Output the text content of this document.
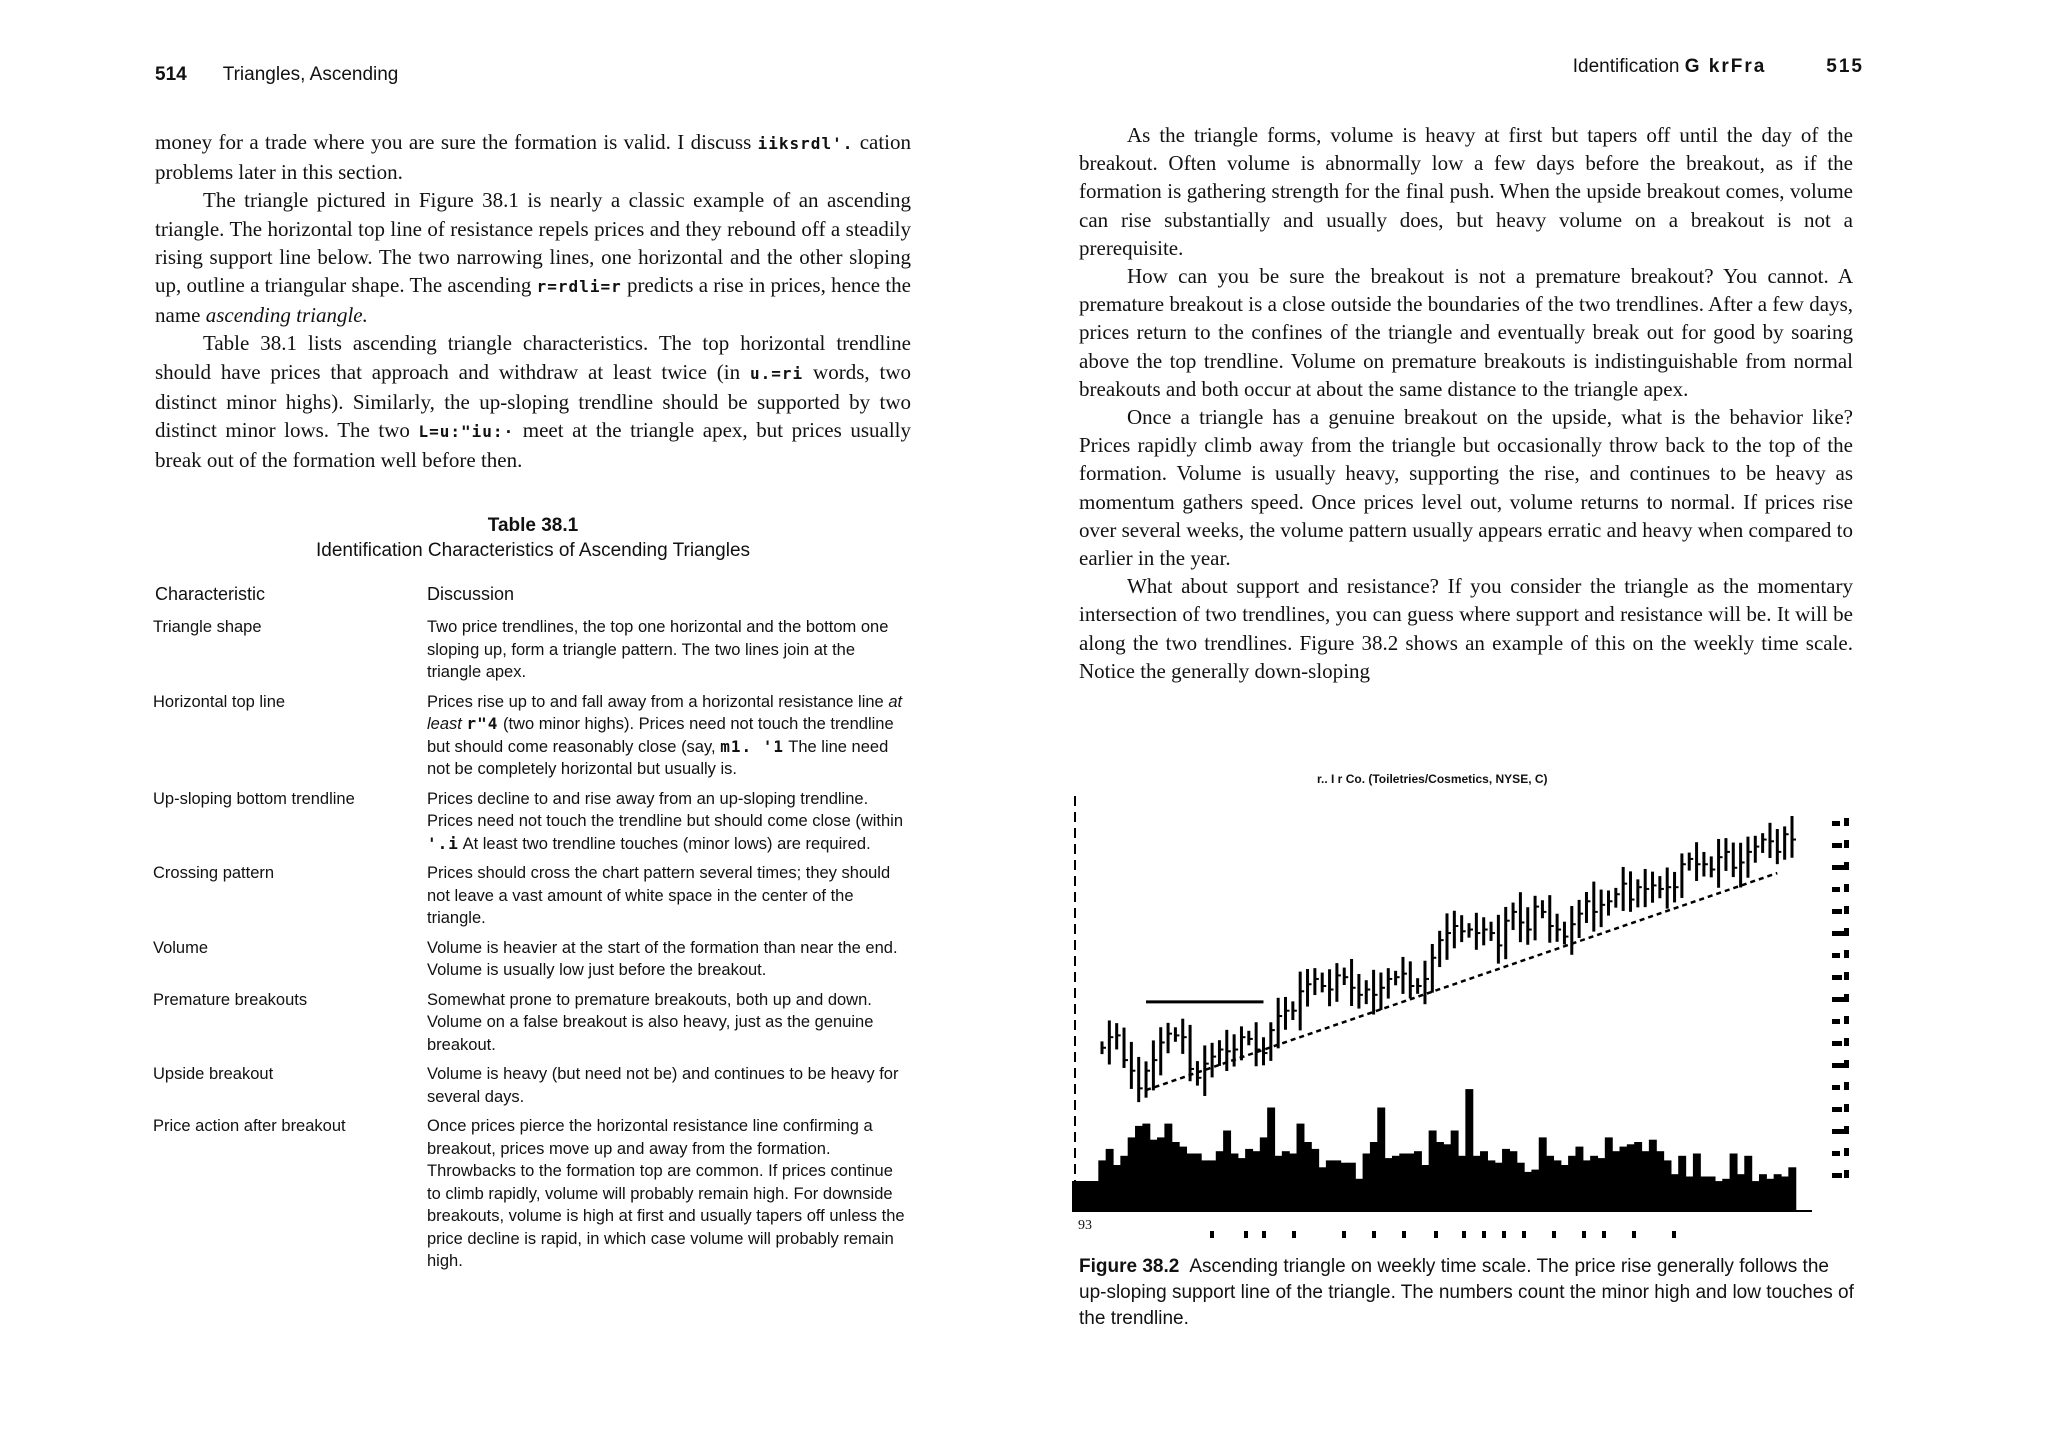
514 Triangles, Ascending

money for a trade where you are sure the formation is valid. I discuss iiksrdl'. cation problems later in this section.

The triangle pictured in Figure 38.1 is nearly a classic example of an ascending triangle. The horizontal top line of resistance repels prices and they rebound off a steadily rising support line below. The two narrowing lines, one horizontal and the other sloping up, outline a triangular shape. The ascending r=rdli=r predicts a rise in prices, hence the name ascending triangle.

Table 38.1 lists ascending triangle characteristics. The top horizontal trendline should have prices that approach and withdraw at least twice (in u.=ri words, two distinct minor highs). Similarly, the up-sloping trendline should be supported by two distinct minor lows. The two L=u:"iu:· meet at the triangle apex, but prices usually break out of the formation well before then.

Table 38.1
Identification Characteristics of Ascending Triangles
Characteristic	Discussion
Triangle shape	Two price trendlines, the top one horizontal and the bottom one sloping up, form a triangle pattern. The two lines join at the triangle apex.
Horizontal top line	Prices rise up to and fall away from a horizontal resistance line at least r"4 (two minor highs). Prices need not touch the trendline but should come reasonably close (say, m1. '1 The line need not be completely horizontal but usually is.
Up-sloping bottom trendline	Prices decline to and rise away from an up-sloping trendline. Prices need not touch the trendline but should come close (within '.i At least two trendline touches (minor lows) are required.
Crossing pattern	Prices should cross the chart pattern several times; they should not leave a vast amount of white space in the center of the triangle.
Volume	Volume is heavier at the start of the formation than near the end. Volume is usually low just before the breakout.
Premature breakouts	Somewhat prone to premature breakouts, both up and down. Volume on a false breakout is also heavy, just as the genuine breakout.
Upside breakout	Volume is heavy (but need not be) and continues to be heavy for several days.
Price action after breakout	Once prices pierce the horizontal resistance line confirming a breakout, prices move up and away from the formation. Throwbacks to the formation top are common. If prices continue to climb rapidly, volume will probably remain high. For downside breakouts, volume is high at first and usually tapers off unless the price decline is rapid, in which case volume will probably remain high.
Identification G krFra	515

As the triangle forms, volume is heavy at first but tapers off until the day of the breakout. Often volume is abnormally low a few days before the breakout, as if the formation is gathering strength for the final push. When the upside breakout comes, volume can rise substantially and usually does, but heavy volume on a breakout is not a prerequisite.

How can you be sure the breakout is not a premature breakout? You cannot. A premature breakout is a close outside the boundaries of the two trendlines. After a few days, prices return to the confines of the triangle and eventually break out for good by soaring above the top trendline. Volume on premature breakouts is indistinguishable from normal breakouts and both occur at about the same distance to the triangle apex.

Once a triangle has a genuine breakout on the upside, what is the behavior like? Prices rapidly climb away from the triangle but occasionally throw back to the top of the formation. Volume is usually heavy, supporting the rise, and continues to be heavy as momentum gathers speed. Once prices level out, volume returns to normal. If prices rise over several weeks, the volume pattern usually appears erratic and heavy when compared to earlier in the year.

What about support and resistance? If you consider the triangle as the momentary intersection of two trendlines, you can guess where support and resistance will be. It will be along the two trendlines. Figure 38.2 shows an example of this on the weekly time scale. Notice the generally down-sloping

r.. I r Co. (Toiletries/Cosmetics, NYSE, C)
93
Figure 38.2 Ascending triangle on weekly time scale. The price rise generally follows the up-sloping support line of the triangle. The numbers count the minor high and low touches of the trendline.
